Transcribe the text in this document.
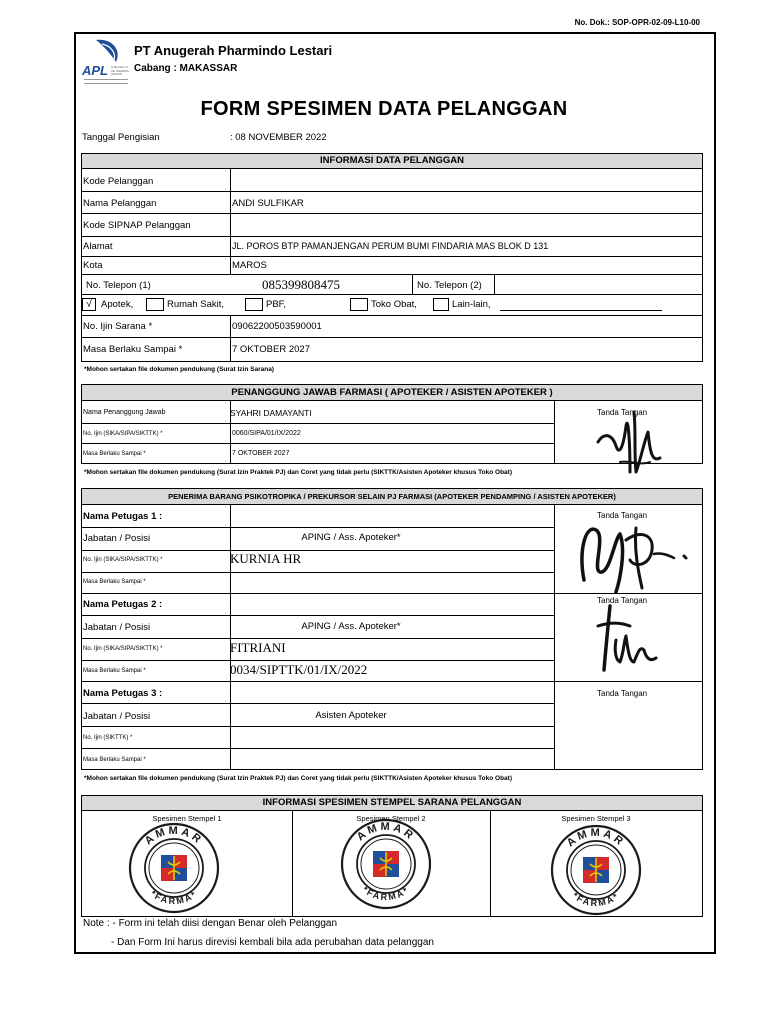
No. Dok.: SOP-OPR-02-09-L10-00
APL A Member of the PHARMA GROUP
PT Anugerah Pharmindo Lestari
Cabang : MAKASSAR
FORM SPESIMEN DATA PELANGGAN
Tanggal Pengisian	: 08 NOVEMBER 2022
INFORMASI DATA PELANGGAN
Kode Pelanggan
Nama Pelanggan	ANDI SULFIKAR
Kode SIPNAP Pelanggan
Alamat	JL. POROS BTP PAMANJENGAN PERUM BUMI FINDARIA MAS BLOK D 131
Kota	MAROS
No. Telepon (1)	085399808475	No. Telepon (2)
√ Apotek,	Rumah Sakit,	PBF,	Toko Obat,	Lain-lain,
No. Ijin Sarana *	09062200503590001
Masa Berlaku Sampai *	7 OKTOBER 2027
*Mohon sertakan file dokumen pendukung (Surat Izin Sarana)
PENANGGUNG JAWAB FARMASI ( APOTEKER / ASISTEN APOTEKER )
Nama Penanggung Jawab	SYAHRI DAMAYANTI
No. Ijin (SIKA/SIPA/SIKTTK) *	0060/SIPA/01/IX/2022
Masa Berlaku Sampai *	7 OKTOBER 2027
Tanda Tangan
*Mohon sertakan file dokumen pendukung (Surat Izin Praktek PJ) dan Coret yang tidak perlu (SIKTTK/Asisten Apoteker khusus Toko Obat)
PENERIMA BARANG PSIKOTROPIKA / PREKURSOR SELAIN PJ FARMASI (APOTEKER PENDAMPING / ASISTEN APOTEKER)
Nama Petugas 1 :
Jabatan / Posisi	APING / Ass. Apoteker*
No. Ijin (SIKA/SIPA/SIKTTK) *	KURNIA HR
Masa Berlaku Sampai *
Tanda Tangan
Nama Petugas 2 :
Jabatan / Posisi	APING / Ass. Apoteker*
No. Ijin (SIKA/SIPA/SIKTTK) *	FITRIANI
Masa Berlaku Sampai *	0034/SIPTTK/01/IX/2022
Tanda Tangan
Nama Petugas 3 :
Jabatan / Posisi	Asisten Apoteker
No. Ijin (SIKTTK) *
Masa Berlaku Sampai *
Tanda Tangan
*Mohon sertakan file dokumen pendukung (Surat Izin Praktek PJ) dan Coret yang tidak perlu (SIKTTK/Asisten Apoteker khusus Toko Obat)
INFORMASI SPESIMEN STEMPEL SARANA PELANGGAN
Spesimen Stempel 1	Spesimen Stempel 2	Spesimen Stempel 3
AMMAR
*FARMA*
AMMAR
*FARMA*
AMMAR
*FARMA*
Note : - Form ini telah diisi dengan Benar oleh Pelanggan
- Dan Form Ini harus direvisi kembali bila ada perubahan data pelanggan
